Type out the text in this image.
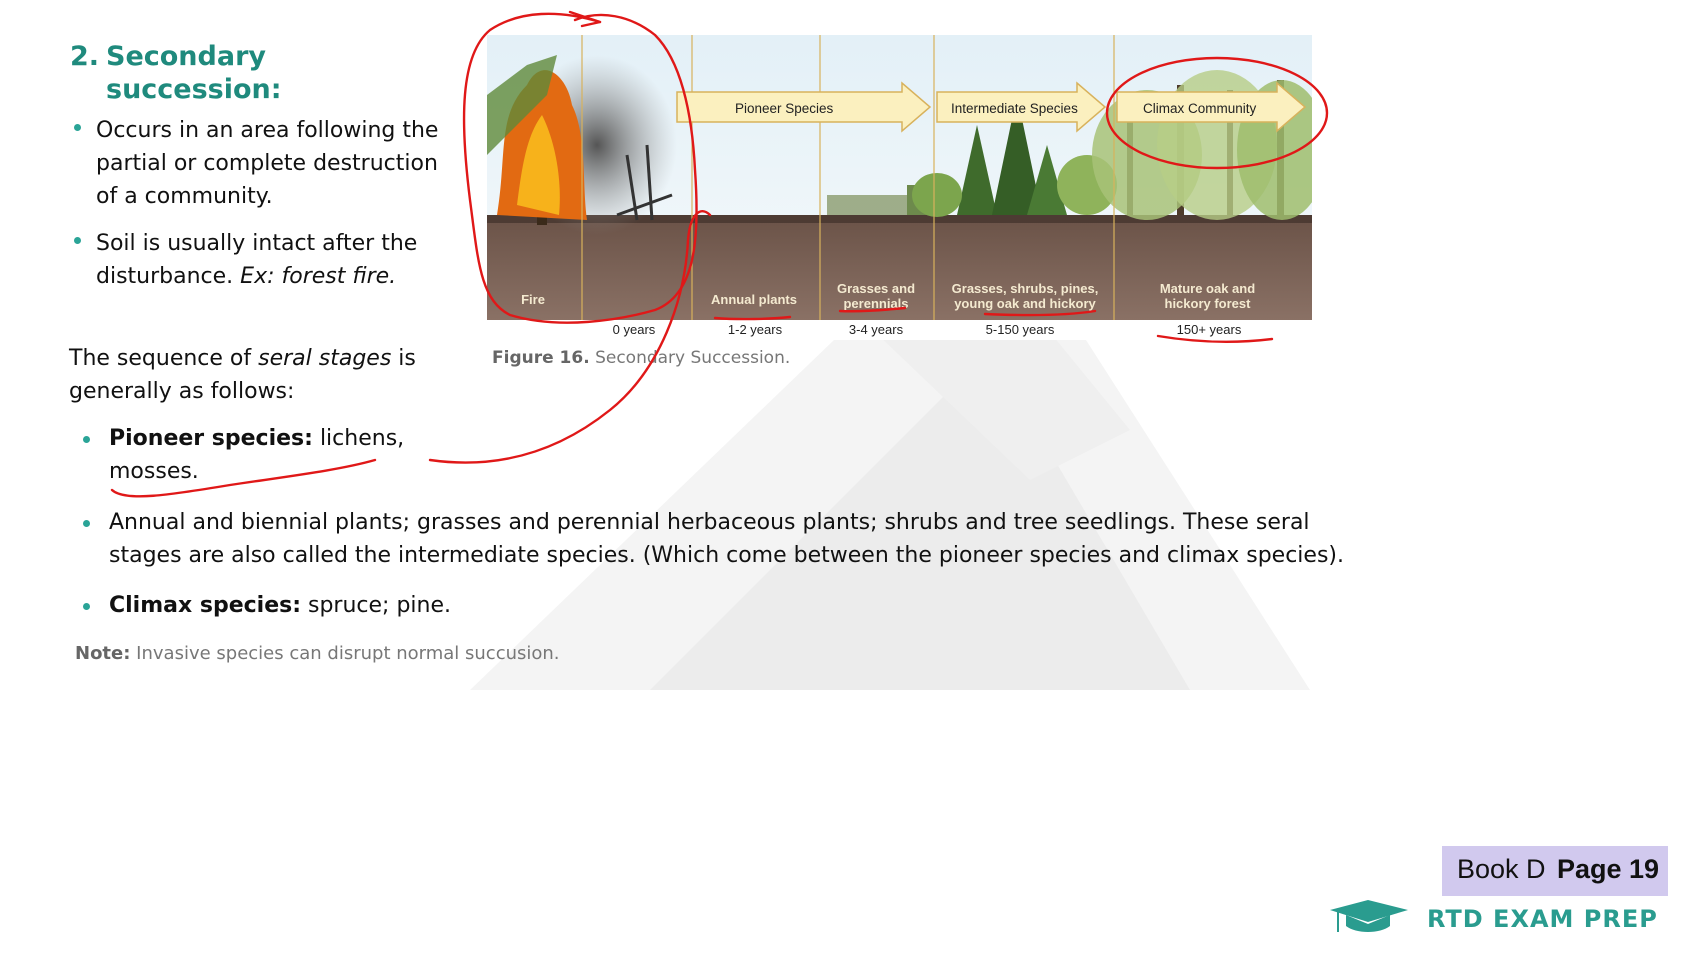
2. Secondary
succession:
Occurs in an area following the partial or complete destruction of a community.
Soil is usually intact after the disturbance. Ex: forest fire.
The sequence of seral stages is generally as follows:
Pioneer species: lichens, mosses.
Annual and biennial plants; grasses and perennial herbaceous plants; shrubs and tree seedlings. These seral stages are also called the intermediate species. (Which come between the pioneer species and climax species).
Climax species: spruce; pine.
Note: Invasive species can disrupt normal succusion.
Pioneer Species	Intermediate Species	Climax Community
Fire	Annual plants
Grasses and perennials
Grasses, shrubs, pines, young oak and hickory
Mature oak and hickory forest
0 years	1-2 years	3-4 years	5-150 years	150+ years
Figure 16. Secondary Succession.
Book D Page 19
RTD EXAM PREP
